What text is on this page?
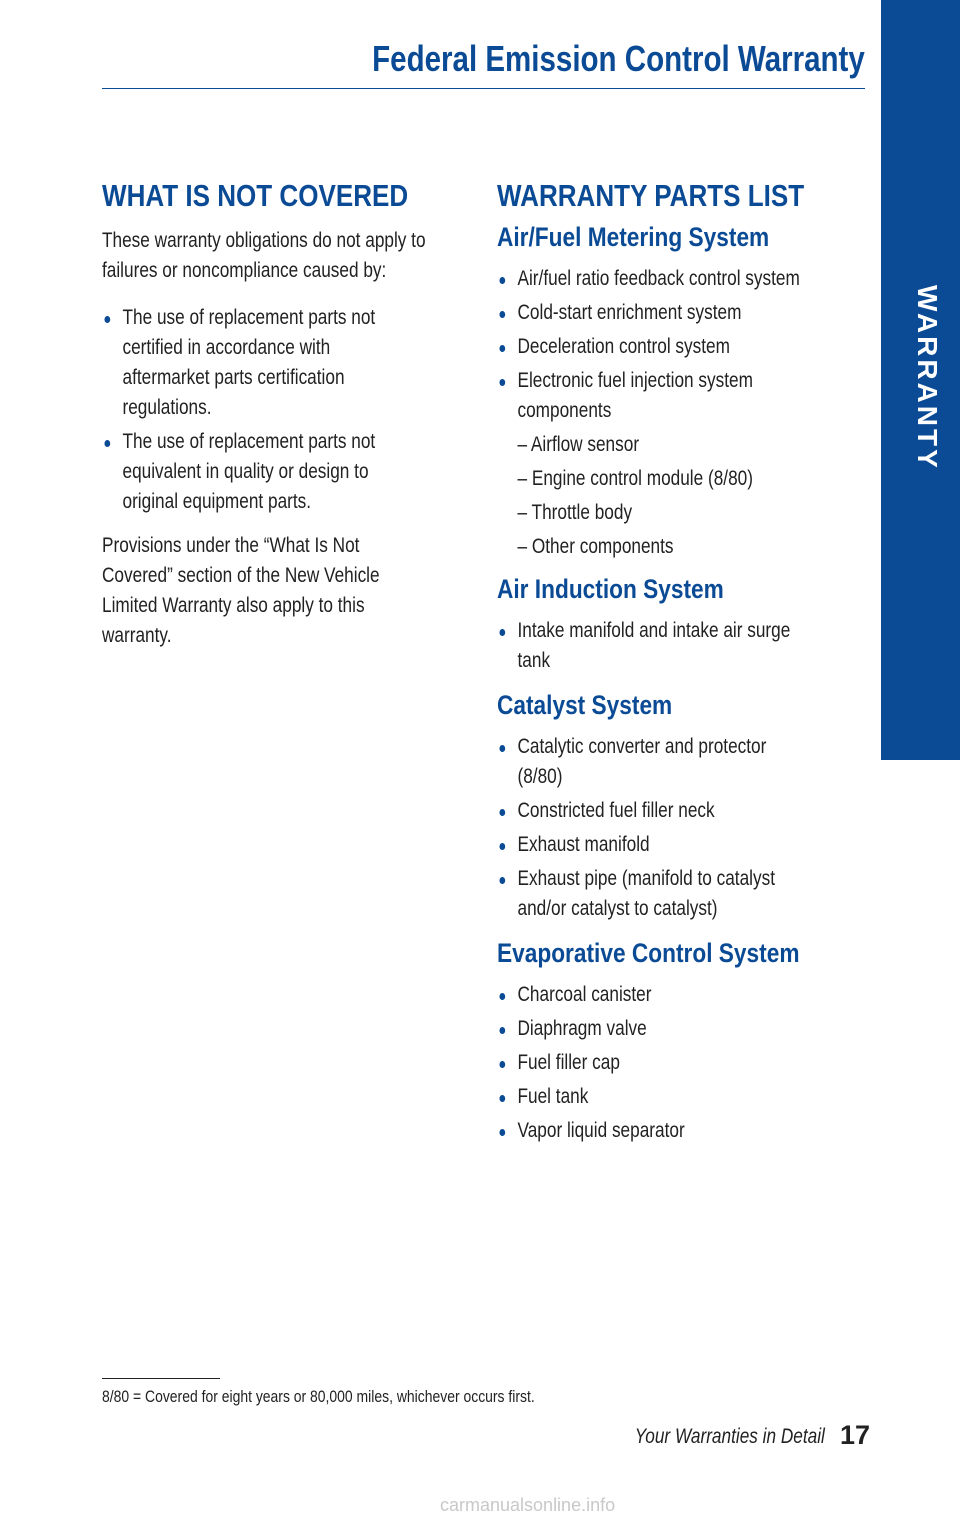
Federal Emission Control Warranty
WARRANTY
WHAT IS NOT COVERED
These warranty obligations do not apply to
failures or noncompliance caused by:
The use of replacement parts not
certified in accordance with
aftermarket parts certification
regulations.
The use of replacement parts not
equivalent in quality or design to
original equipment parts.
Provisions under the “What Is Not
Covered” section of the New Vehicle
Limited Warranty also apply to this
warranty.
WARRANTY PARTS LIST
Air/Fuel Metering System
Air/fuel ratio feedback control system
Cold-start enrichment system
Deceleration control system
Electronic fuel injection system
components
– Airflow sensor
– Engine control module (8/80)
– Throttle body
– Other components
Air Induction System
Intake manifold and intake air surge
tank
Catalyst System
Catalytic converter and protector
(8/80)
Constricted fuel filler neck
Exhaust manifold
Exhaust pipe (manifold to catalyst
and/or catalyst to catalyst)
Evaporative Control System
Charcoal canister
Diaphragm valve
Fuel filler cap
Fuel tank
Vapor liquid separator
8/80 = Covered for eight years or 80,000 miles, whichever occurs first.
Your Warranties in Detail 17
carmanualsonline.info
